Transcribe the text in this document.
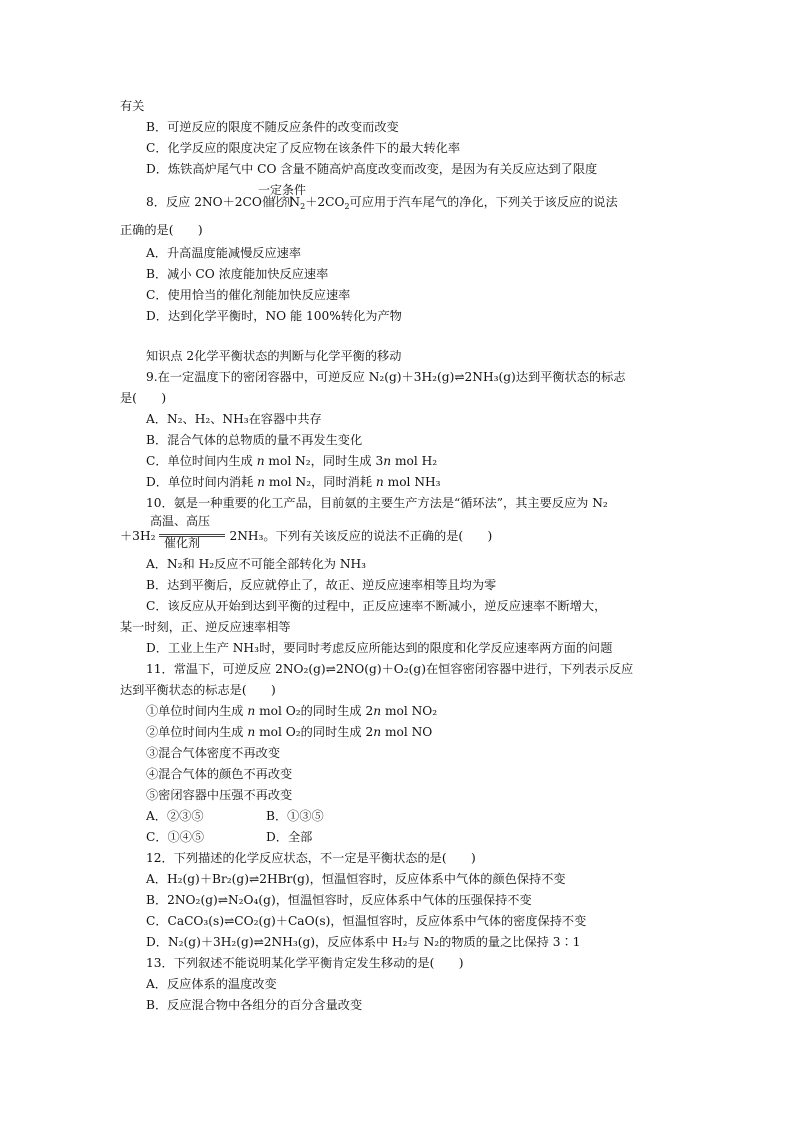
有关
B．可逆反应的限度不随反应条件的改变而改变
C．化学反应的限度决定了反应物在该条件下的最大转化率
D．炼铁高炉尾气中 CO 含量不随高炉高度改变而改变，是因为有关反应达到了限度
一定条件
8．反应 2NO＋2CO催化剂$N_2+2CO_2$可应用于汽车尾气的净化，下列关于该反应的说法
正确的是(　　)
A．升高温度能减慢反应速率
B．减小 CO 浓度能加快反应速率
C．使用恰当的催化剂能加快反应速率
D．达到化学平衡时，NO 能 100%转化为产物
知识点 2化学平衡状态的判断与化学平衡的移动
9.在一定温度下的密闭容器中，可逆反应 N₂(g)＋3H₂(g)⇌2NH₃(g)达到平衡状态的标志
是(　　)
A．N₂、H₂、NH₃在容器中共存
B．混合气体的总物质的量不再发生变化
C．单位时间内生成 n mol N₂，同时生成 3n mol H₂
D．单位时间内消耗 n mol N₂，同时消耗 n mol NH₃
10．氨是一种重要的化工产品，目前氨的主要生产方法是“循环法”，其主要反应为 N₂
高温、高压
＋3H₂	2NH₃。下列有关该反应的说法不正确的是(　　)
催化剂
A．N₂和 H₂反应不可能全部转化为 NH₃
B．达到平衡后，反应就停止了，故正、逆反应速率相等且均为零
C．该反应从开始到达到平衡的过程中，正反应速率不断减小，逆反应速率不断增大，
某一时刻，正、逆反应速率相等
D．工业上生产 NH₃时，要同时考虑反应所能达到的限度和化学反应速率两方面的问题
11．常温下，可逆反应 2NO₂(g)⇌2NO(g)＋O₂(g)在恒容密闭容器中进行，下列表示反应
达到平衡状态的标志是(　　)
①单位时间内生成 n mol O₂的同时生成 2n mol NO₂
②单位时间内生成 n mol O₂的同时生成 2n mol NO
③混合气体密度不再改变
④混合气体的颜色不再改变
⑤密闭容器中压强不再改变
A．②③⑤	B．①③⑤
C．①④⑤	D．全部
12．下列描述的化学反应状态，不一定是平衡状态的是(　　)
A．H₂(g)＋Br₂(g)⇌2HBr(g)，恒温恒容时，反应体系中气体的颜色保持不变
B．2NO₂(g)⇌N₂O₄(g)，恒温恒容时，反应体系中气体的压强保持不变
C．CaCO₃(s)⇌CO₂(g)＋CaO(s)，恒温恒容时，反应体系中气体的密度保持不变
D．N₂(g)＋3H₂(g)⇌2NH₃(g)，反应体系中 H₂与 N₂的物质的量之比保持 3∶1
13．下列叙述不能说明某化学平衡肯定发生移动的是(　　)
A．反应体系的温度改变
B．反应混合物中各组分的百分含量改变
